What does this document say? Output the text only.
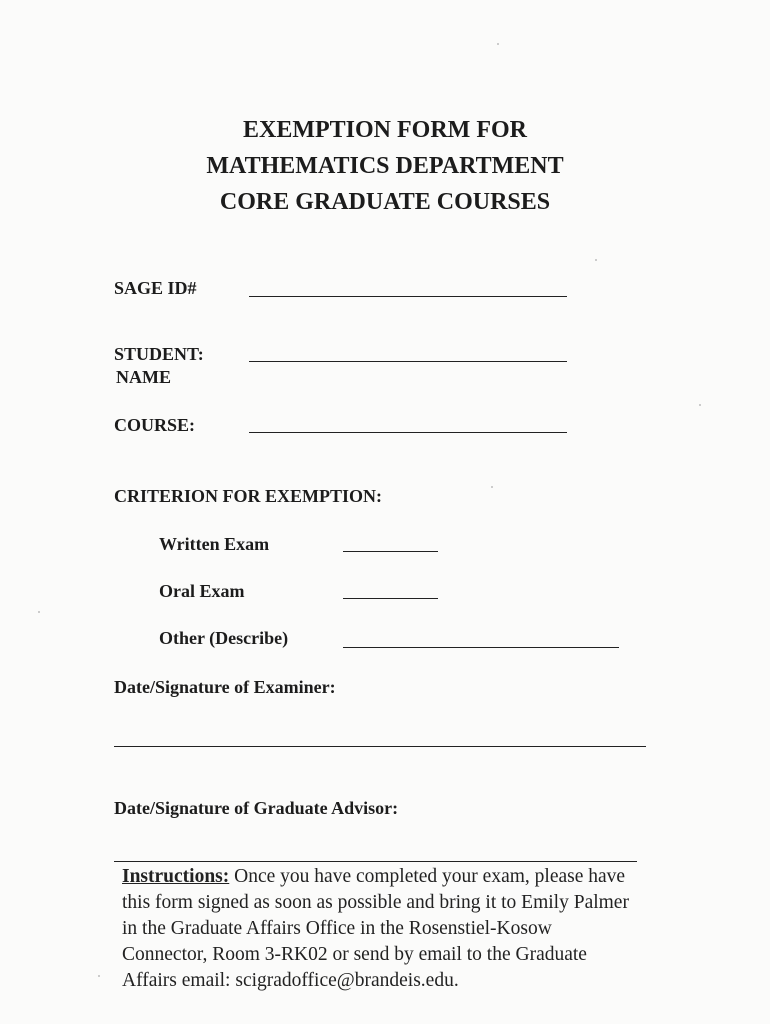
EXEMPTION FORM FOR
MATHEMATICS DEPARTMENT
CORE GRADUATE COURSES
SAGE ID#
STUDENT:
NAME
COURSE:
CRITERION FOR EXEMPTION:
Written Exam
Oral Exam
Other (Describe)
Date/Signature of Examiner:
Date/Signature of Graduate Advisor:
Instructions: Once you have completed your exam, please have this form signed as soon as possible and bring it to Emily Palmer in the Graduate Affairs Office in the Rosenstiel-Kosow Connector, Room 3-RK02 or send by email to the Graduate Affairs email: scigradoffice@brandeis.edu.
